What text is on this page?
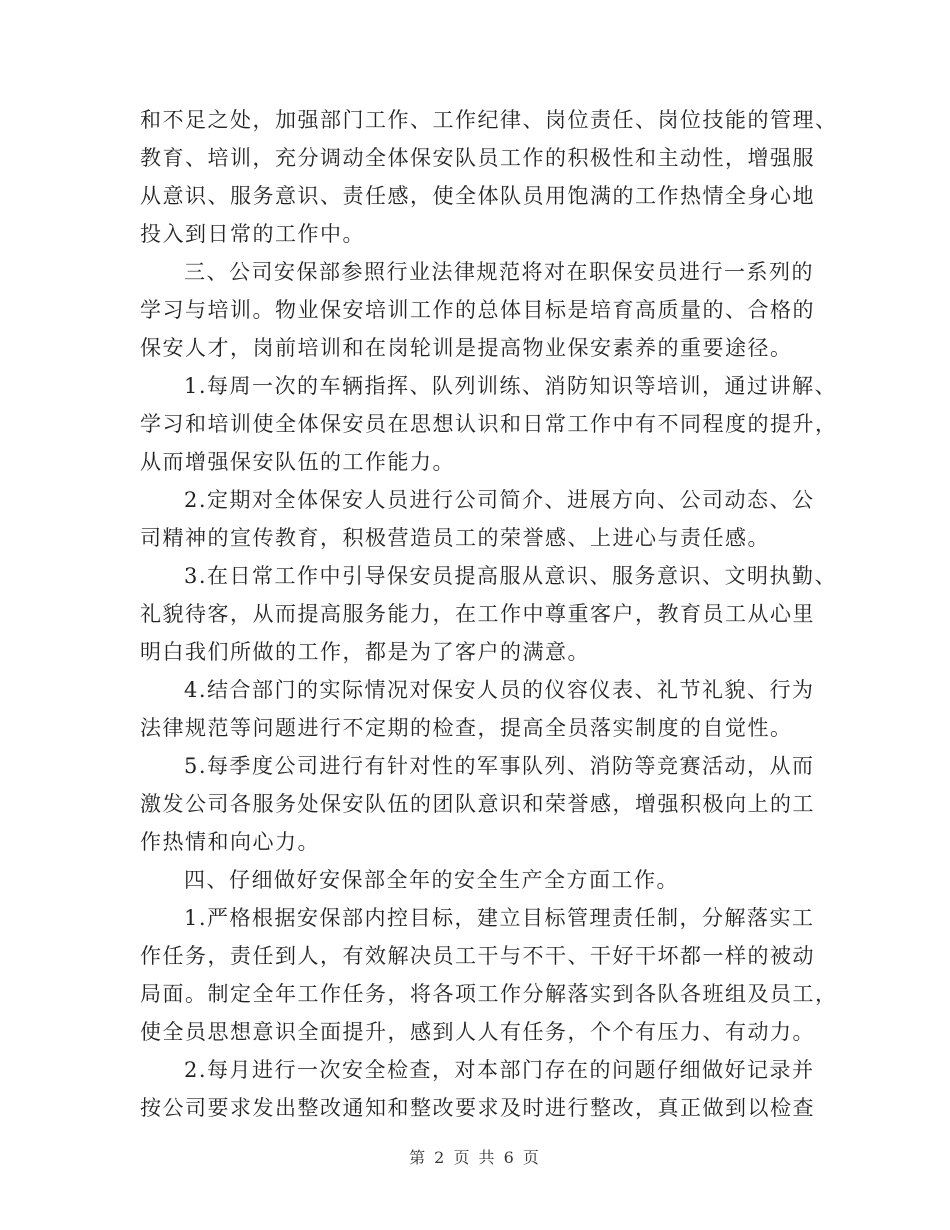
和不足之处，加强部门工作、工作纪律、岗位责任、岗位技能的管理、
教育、培训，充分调动全体保安队员工作的积极性和主动性，增强服
从意识、服务意识、责任感，使全体队员用饱满的工作热情全身心地
投入到日常的工作中。
三、公司安保部参照行业法律规范将对在职保安员进行一系列的
学习与培训。物业保安培训工作的总体目标是培育高质量的、合格的
保安人才，岗前培训和在岗轮训是提高物业保安素养的重要途径。
1.每周一次的车辆指挥、队列训练、消防知识等培训，通过讲解、
学习和培训使全体保安员在思想认识和日常工作中有不同程度的提升，
从而增强保安队伍的工作能力。
2.定期对全体保安人员进行公司简介、进展方向、公司动态、公
司精神的宣传教育，积极营造员工的荣誉感、上进心与责任感。
3.在日常工作中引导保安员提高服从意识、服务意识、文明执勤、
礼貌待客，从而提高服务能力，在工作中尊重客户，教育员工从心里
明白我们所做的工作，都是为了客户的满意。
4.结合部门的实际情况对保安人员的仪容仪表、礼节礼貌、行为
法律规范等问题进行不定期的检查，提高全员落实制度的自觉性。
5.每季度公司进行有针对性的军事队列、消防等竞赛活动，从而
激发公司各服务处保安队伍的团队意识和荣誉感，增强积极向上的工
作热情和向心力。
四、仔细做好安保部全年的安全生产全方面工作。
1.严格根据安保部内控目标，建立目标管理责任制，分解落实工
作任务，责任到人，有效解决员工干与不干、干好干坏都一样的被动
局面。制定全年工作任务，将各项工作分解落实到各队各班组及员工，
使全员思想意识全面提升，感到人人有任务，个个有压力、有动力。
2.每月进行一次安全检查，对本部门存在的问题仔细做好记录并
按公司要求发出整改通知和整改要求及时进行整改，真正做到以检查
第 2 页 共 6 页
